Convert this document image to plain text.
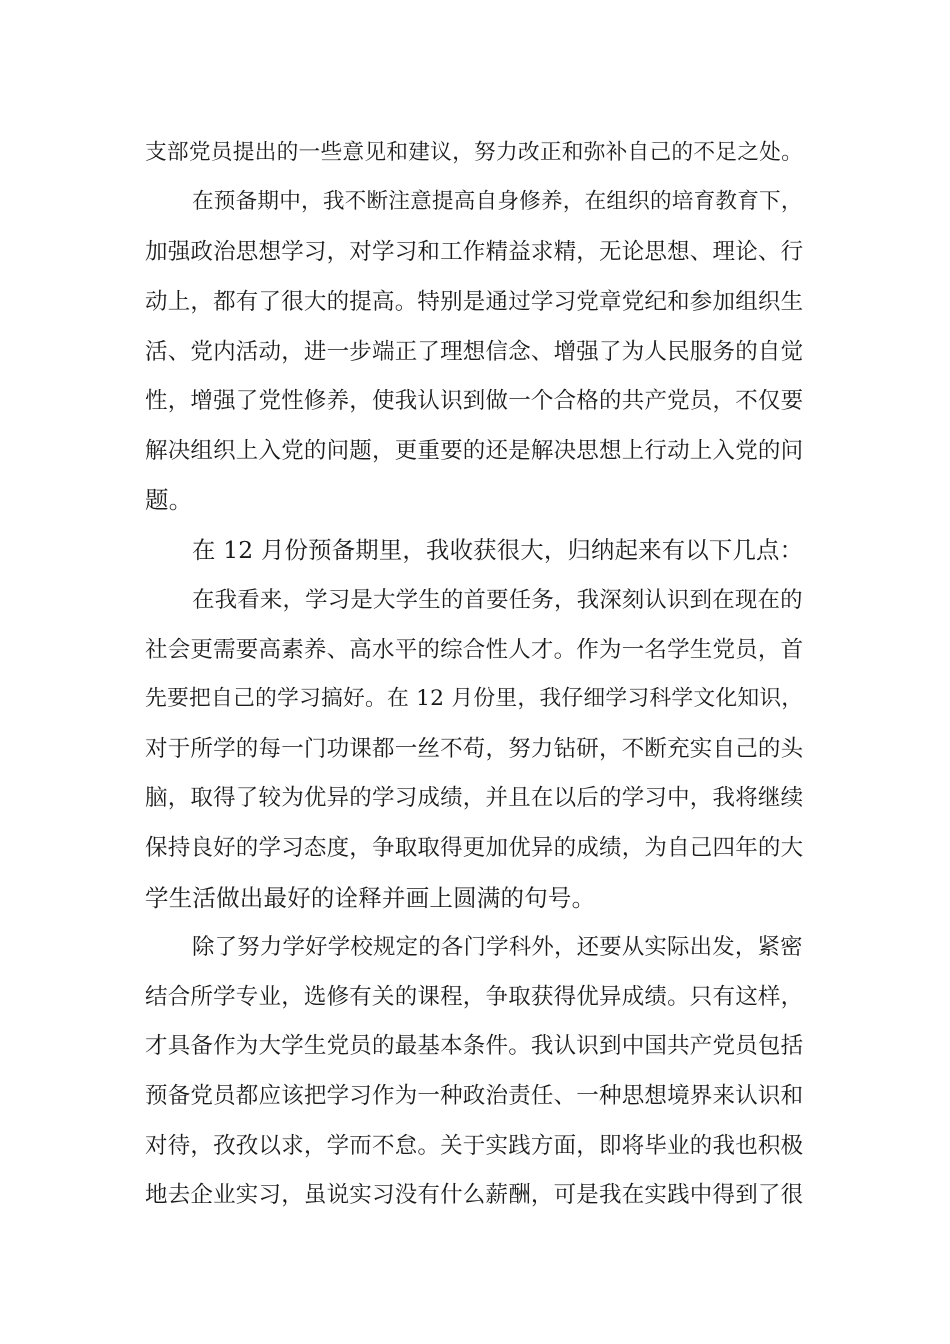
支部党员提出的一些意见和建议，努力改正和弥补自己的不足之处。
在预备期中，我不断注意提高自身修养，在组织的培育教育下，
加强政治思想学习，对学习和工作精益求精，无论思想、理论、行
动上，都有了很大的提高。特别是通过学习党章党纪和参加组织生
活、党内活动，进一步端正了理想信念、增强了为人民服务的自觉
性，增强了党性修养，使我认识到做一个合格的共产党员，不仅要
解决组织上入党的问题，更重要的还是解决思想上行动上入党的问
题。
在 12 月份预备期里，我收获很大，归纳起来有以下几点：
在我看来，学习是大学生的首要任务，我深刻认识到在现在的
社会更需要高素养、高水平的综合性人才。作为一名学生党员，首
先要把自己的学习搞好。在 12 月份里，我仔细学习科学文化知识，
对于所学的每一门功课都一丝不苟，努力钻研，不断充实自己的头
脑，取得了较为优异的学习成绩，并且在以后的学习中，我将继续
保持良好的学习态度，争取取得更加优异的成绩，为自己四年的大
学生活做出最好的诠释并画上圆满的句号。
除了努力学好学校规定的各门学科外，还要从实际出发，紧密
结合所学专业，选修有关的课程，争取获得优异成绩。只有这样，
才具备作为大学生党员的最基本条件。我认识到中国共产党员包括
预备党员都应该把学习作为一种政治责任、一种思想境界来认识和
对待，孜孜以求，学而不怠。关于实践方面，即将毕业的我也积极
地去企业实习，虽说实习没有什么薪酬，可是我在实践中得到了很
